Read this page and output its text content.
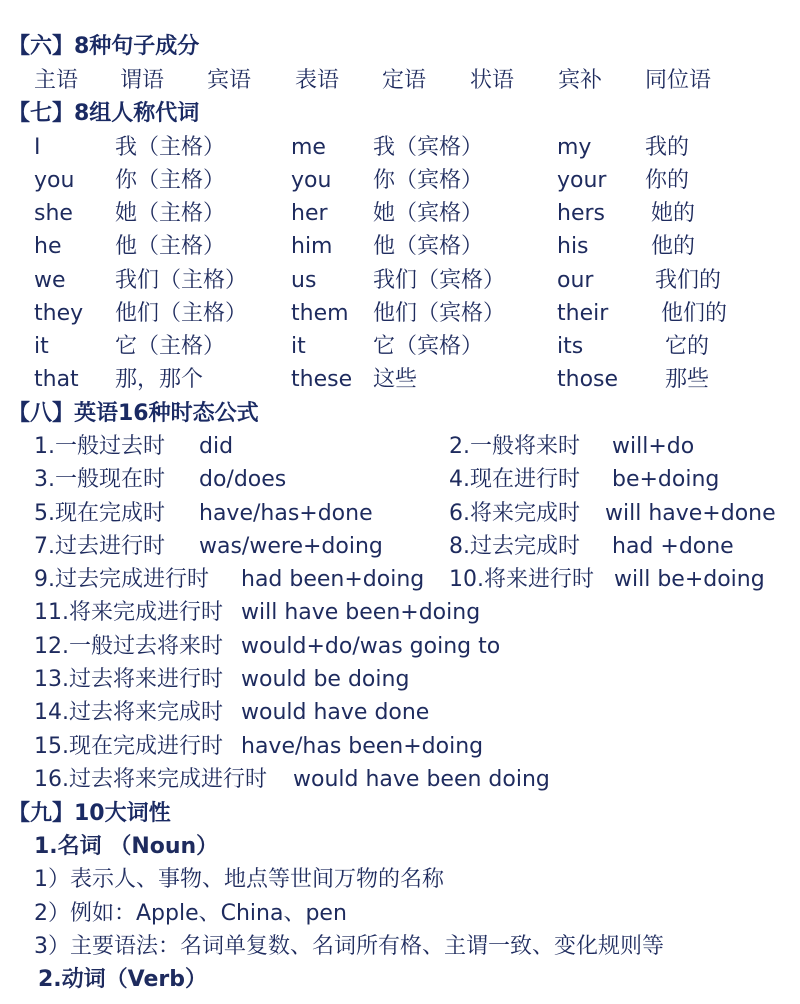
【六】8种句子成分
主语 谓语 宾语 表语 定语 状语 宾补 同位语
【七】8组人称代词
I	我（主格）	me 我（宾格）	my 我的
you 你（主格）	you 你（宾格）	your 你的
she 她（主格）	her 她（宾格）	hers 她的
he 他（主格）	him 他（宾格）	his	他的
we 我们（主格） us	我们（宾格） our	我们的
they 他们（主格） them 他们（宾格） their 他们的
it	它（主格）	it	它（宾格）	its	它的
that 那，那个	these 这些	those 那些
【八】英语16种时态公式
1.一般过去时 did	2.一般将来时 will+do
3.一般现在时 do/does	4.现在进行时 be+doing
5.现在完成时 have/has+done	6.将来完成时 will have+done
7.过去进行时 was/were+doing	8.过去完成时 had +done
9.过去完成进行时 had been+doing 10.将来进行时 will be+doing
11.将来完成进行时 will have been+doing
12.一般过去将来时 would+do/was going to
13.过去将来进行时 would be doing
14.过去将来完成时 would have done
15.现在完成进行时 have/has been+doing
16.过去将来完成进行时 would have been doing
【九】10大词性
1.名词 （Noun）
1）表示人、事物、地点等世间万物的名称
2）例如：Apple、China、pen
3）主要语法：名词单复数、名词所有格、主谓一致、变化规则等
2.动词（Verb）
